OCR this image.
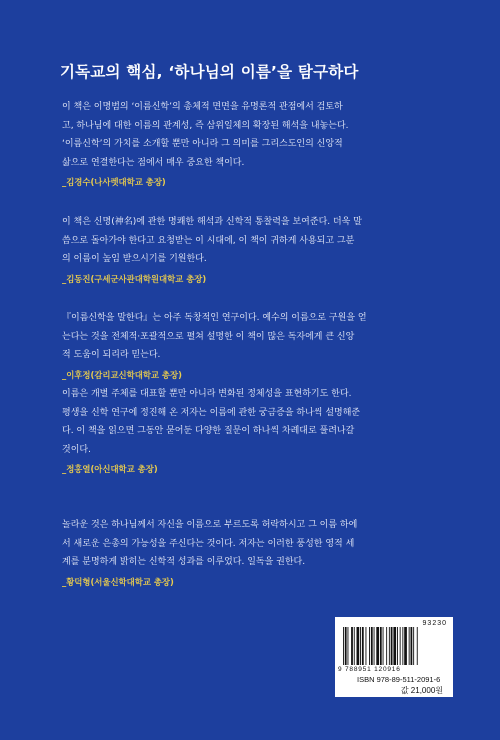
기독교의 핵심, ‘하나님의 이름’을 탐구하다

이 책은 이명범의 ‘이름신학’의 총체적 면면을 유명론적 관점에서 검토하

고, 하나님에 대한 이름의 관계성, 즉 삼위일체의 확장된 해석을 내놓는다.

‘이름신학’의 가치를 소개할 뿐만 아니라 그 의미를 그리스도인의 신앙적

삶으로 연결한다는 점에서 매우 중요한 책이다.

_김경수(나사렛대학교 총장)

이 책은 신명(神名)에 관한 명쾌한 해석과 신학적 통찰력을 보여준다. 더욱 말

씀으로 돌아가야 한다고 요청받는 이 시대에, 이 책이 귀하게 사용되고 그분

의 이름이 높임 받으시기를 기원한다.

_김동진(구세군사관대학원대학교 총장)

『이름신학을 말한다』는 아주 독창적인 연구이다. 예수의 이름으로 구원을 얻

는다는 것을 전체적·포괄적으로 펼쳐 설명한 이 책이 많은 독자에게 큰 신앙

적 도움이 되리라 믿는다.

_이후정(감리교신학대학교 총장)

이름은 개별 주체를 대표할 뿐만 아니라 변화된 정체성을 표현하기도 한다.

평생을 신학 연구에 정진해 온 저자는 이름에 관한 궁금증을 하나씩 설명해준

다. 이 책을 읽으면 그동안 묻어둔 다양한 질문이 하나씩 차례대로 풀려나갈

것이다.

_정홍열(아신대학교 총장)

놀라운 것은 하나님께서 자신을 이름으로 부르도록 허락하시고 그 이름 하에

서 새로운 은총의 가능성을 주신다는 것이다. 저자는 이러한 풍성한 영적 세

계를 분명하게 밝히는 신학적 성과를 이루었다. 일독을 권한다.

_황덕형(서울신학대학교 총장)
93230
9 788951 120916
ISBN 978-89-511-2091-6
값 21,000원
